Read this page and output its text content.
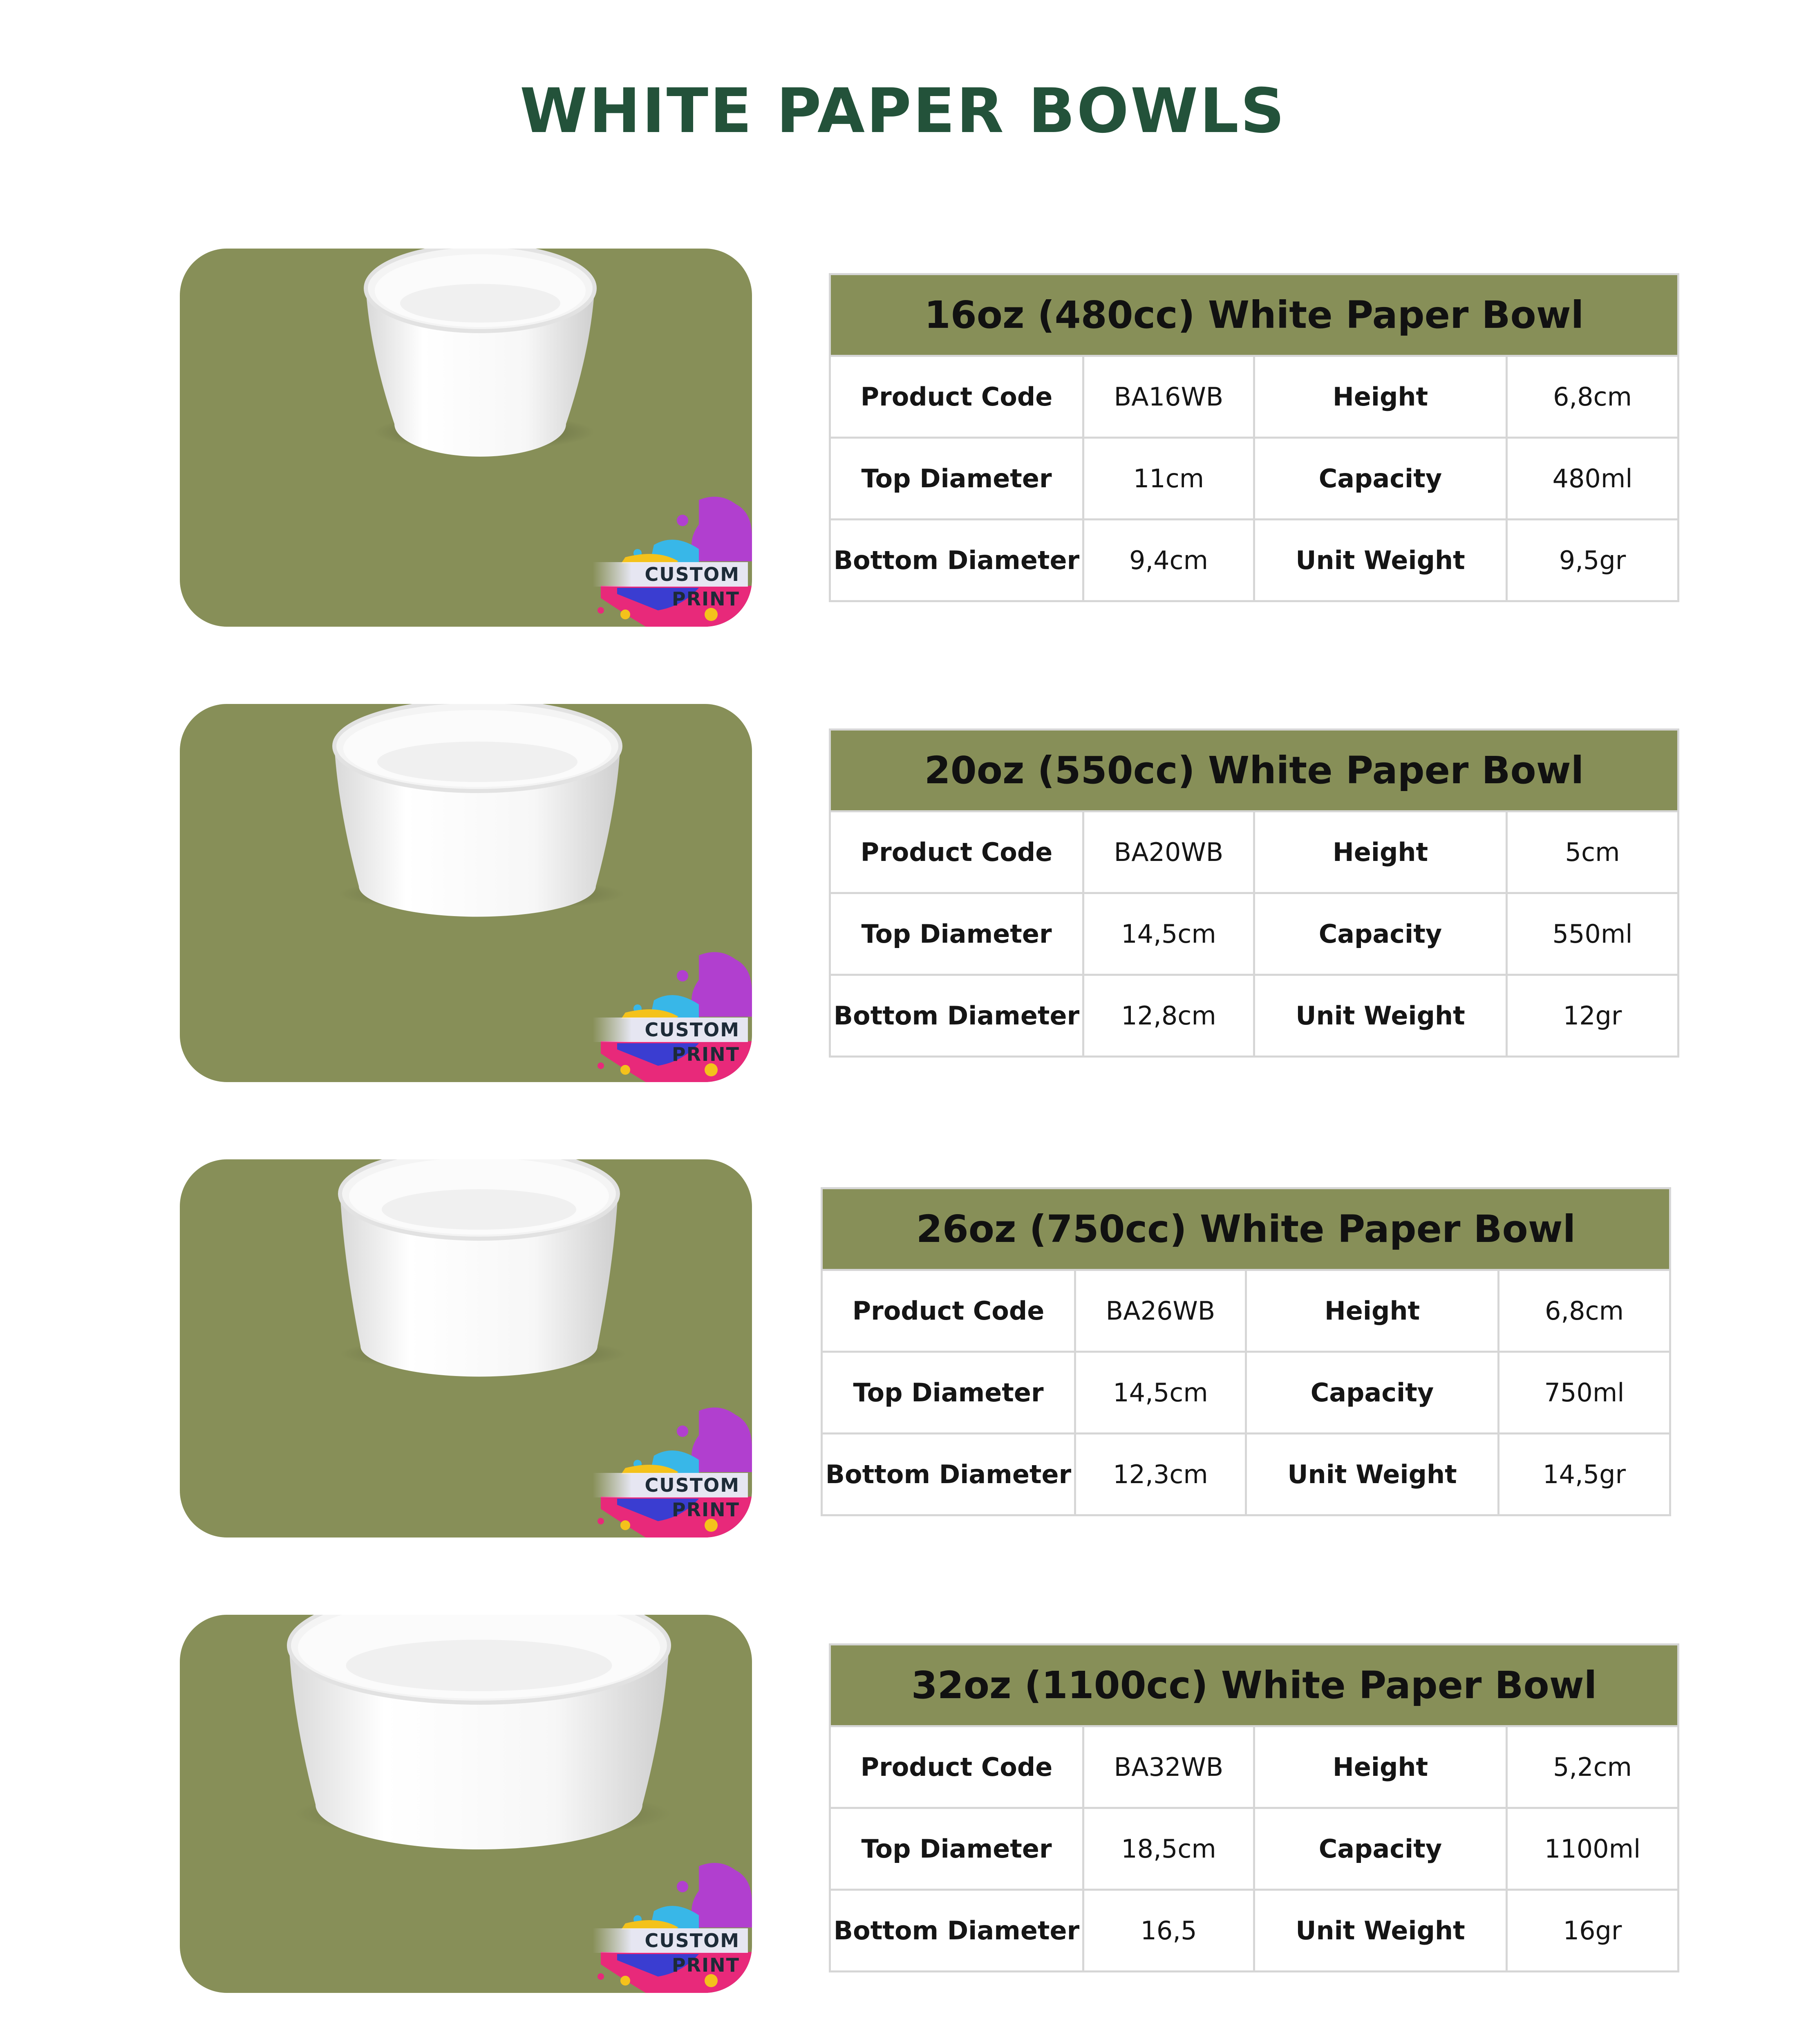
WHITE PAPER BOWLS
CUSTOM PRINT
16oz (480cc) White Paper Bowl			
Product Code	BA16WB	Height	6,8cm
Top Diameter	11cm	Capacity	480ml
Bottom Diameter	9,4cm	Unit Weight	9,5gr
CUSTOM PRINT
20oz (550cc) White Paper Bowl			
Product Code	BA20WB	Height	5cm
Top Diameter	14,5cm	Capacity	550ml
Bottom Diameter	12,8cm	Unit Weight	12gr
CUSTOM PRINT
26oz (750cc) White Paper Bowl			
Product Code	BA26WB	Height	6,8cm
Top Diameter	14,5cm	Capacity	750ml
Bottom Diameter	12,3cm	Unit Weight	14,5gr
CUSTOM PRINT
32oz (1100cc) White Paper Bowl			
Product Code	BA32WB	Height	5,2cm
Top Diameter	18,5cm	Capacity	1100ml
Bottom Diameter	16,5	Unit Weight	16gr
